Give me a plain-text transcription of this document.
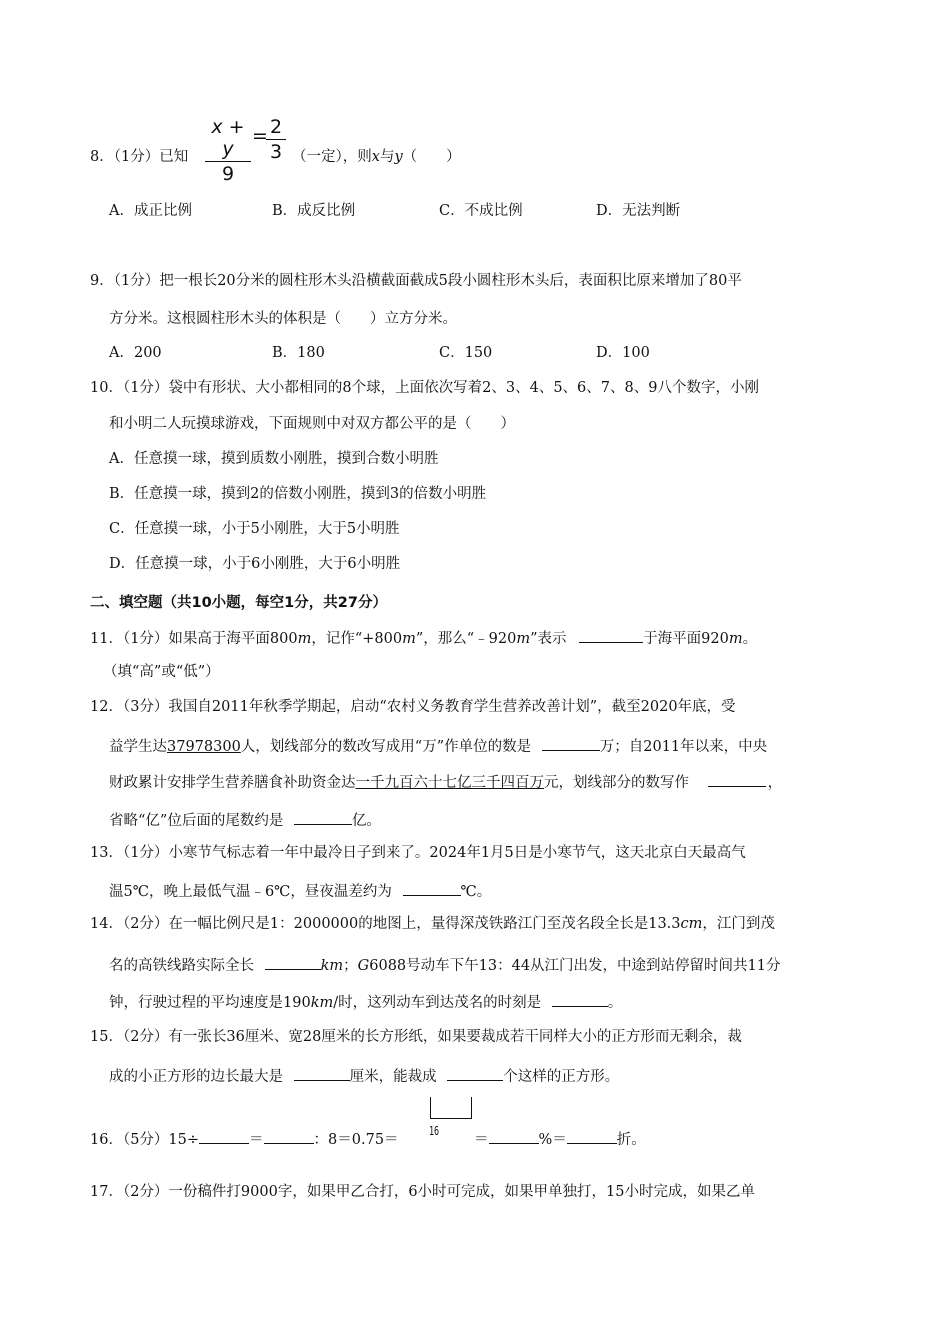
x + y
9
= 2
3
8．（1分）已知	（一定），则x与y（　　）
A．成正比例	B．成反比例	C．不成比例	D．无法判断
9．（1分）把一根长20分米的圆柱形木头沿横截面截成5段小圆柱形木头后，表面积比原来增加了80平
方分米。这根圆柱形木头的体积是（　　）立方分米。
A．200	B．180	C．150	D．100
10．（1分）袋中有形状、大小都相同的8个球，上面依次写着2、3、4、5、6、7、8、9八个数字，小刚
和小明二人玩摸球游戏，下面规则中对双方都公平的是（　　）
A．任意摸一球，摸到质数小刚胜，摸到合数小明胜
B．任意摸一球，摸到2的倍数小刚胜，摸到3的倍数小明胜
C．任意摸一球，小于5小刚胜，大于5小明胜
D．任意摸一球，小于6小刚胜，大于6小明胜
二、填空题（共10小题，每空1分，共27分）
11．（1分）如果高于海平面800m，记作“+800m”，那么“﹣920m”表示	于海平面920m。
（填“高”或“低”）
12．（3分）我国自2011年秋季学期起，启动“农村义务教育学生营养改善计划”，截至2020年底，受
益学生达37978300人，划线部分的数改写成用“万”作单位的数是	万；自2011年以来，中央
财政累计安排学生营养膳食补助资金达一千九百六十七亿三千四百万元，划线部分的数写作	，
省略“亿”位后面的尾数约是	亿。
13．（1分）小寒节气标志着一年中最冷日子到来了。2024年1月5日是小寒节气，这天北京白天最高气
温5℃，晚上最低气温﹣6℃，昼夜温差约为	℃。
14．（2分）在一幅比例尺是1：2000000的地图上，量得深茂铁路江门至茂名段全长是13.3cm，江门到茂
名的高铁线路实际全长	km；G6088号动车下午13：44从江门出发，中途到站停留时间共11分
钟，行驶过程的平均速度是190km/时，这列动车到达茂名的时刻是	。
15．（2分）有一张长36厘米、宽28厘米的长方形纸，如果要裁成若干同样大小的正方形而无剩余，裁
成的小正方形的边长最大是	厘米，能裁成	个这样的正方形。
16
16．（5分）15÷	＝	：8＝0.75＝	＝	%＝	折。
17．（2分）一份稿件打9000字，如果甲乙合打，6小时可完成，如果甲单独打，15小时完成，如果乙单
